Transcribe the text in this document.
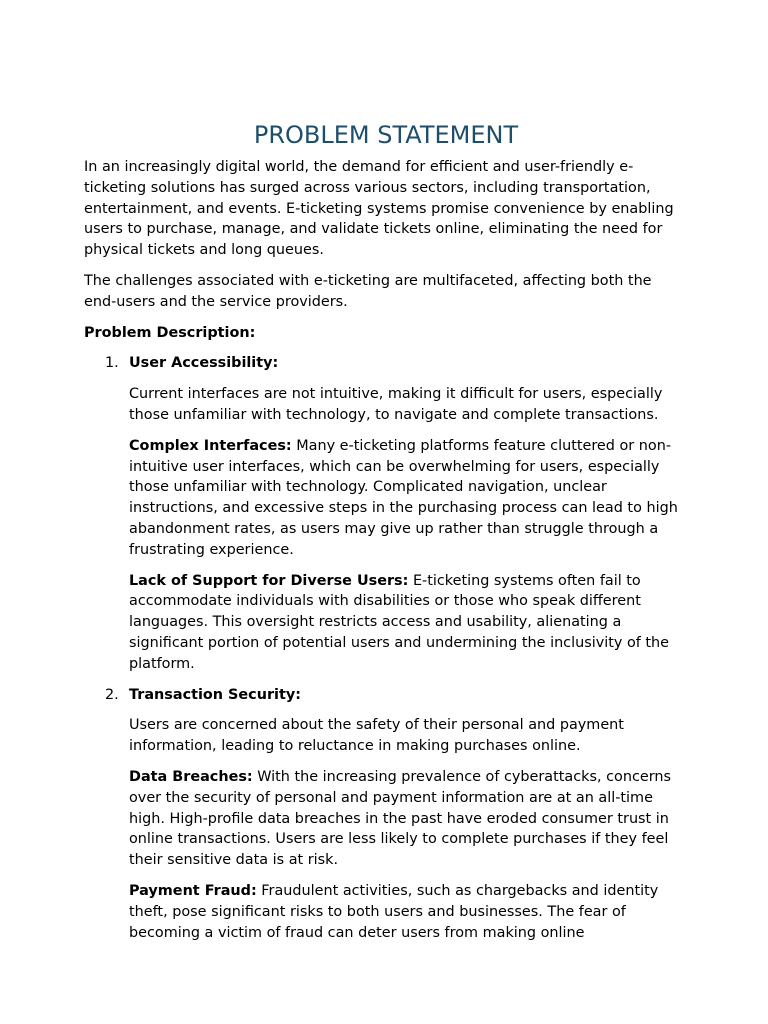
PROBLEM STATEMENT

In an increasingly digital world, the demand for efficient and user-friendly e-ticketing solutions has surged across various sectors, including transportation, entertainment, and events. E-ticketing systems promise convenience by enabling users to purchase, manage, and validate tickets online, eliminating the need for physical tickets and long queues.

The challenges associated with e-ticketing are multifaceted, affecting both the end-users and the service providers.

Problem Description:

1. User Accessibility:

Current interfaces are not intuitive, making it difficult for users, especially those unfamiliar with technology, to navigate and complete transactions.

Complex Interfaces: Many e-ticketing platforms feature cluttered or non-intuitive user interfaces, which can be overwhelming for users, especially those unfamiliar with technology. Complicated navigation, unclear instructions, and excessive steps in the purchasing process can lead to high abandonment rates, as users may give up rather than struggle through a frustrating experience.

Lack of Support for Diverse Users: E-ticketing systems often fail to accommodate individuals with disabilities or those who speak different languages. This oversight restricts access and usability, alienating a significant portion of potential users and undermining the inclusivity of the platform.

2. Transaction Security:

Users are concerned about the safety of their personal and payment information, leading to reluctance in making purchases online.

Data Breaches: With the increasing prevalence of cyberattacks, concerns over the security of personal and payment information are at an all-time high. High-profile data breaches in the past have eroded consumer trust in online transactions. Users are less likely to complete purchases if they feel their sensitive data is at risk.

Payment Fraud: Fraudulent activities, such as chargebacks and identity theft, pose significant risks to both users and businesses. The fear of becoming a victim of fraud can deter users from making online
